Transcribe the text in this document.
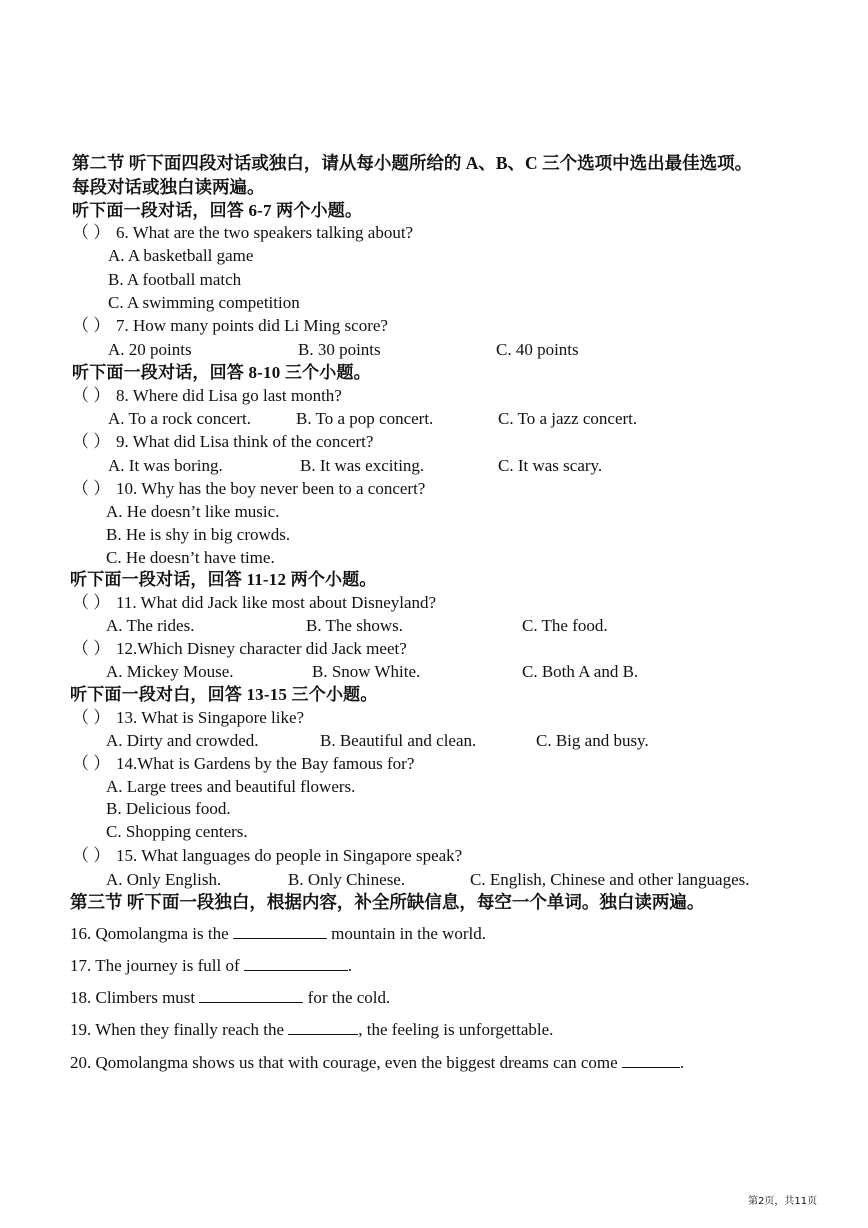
第二节 听下面四段对话或独白，请从每小题所给的 A、B、C 三个选项中选出最佳选项。
每段对话或独白读两遍。
听下面一段对话，回答 6-7 两个小题。
（ ） 6. What are the two speakers talking about?
A. A basketball game
B. A football match
C. A swimming competition
（ ） 7. How many points did Li Ming score?
A. 20 points	B. 30 points	C. 40 points
听下面一段对话，回答 8-10 三个小题。
（ ） 8. Where did Lisa go last month?
A. To a rock concert.	B. To a pop concert.	C. To a jazz concert.
（ ） 9. What did Lisa think of the concert?
A. It was boring.	B. It was exciting.	C. It was scary.
（ ） 10. Why has the boy never been to a concert?
A. He doesn’t like music.
B. He is shy in big crowds.
C. He doesn’t have time.
听下面一段对话，回答 11-12 两个小题。
（ ） 11. What did Jack like most about Disneyland?
A. The rides.	B. The shows.	C. The food.
（ ） 12.Which Disney character did Jack meet?
A. Mickey Mouse.	B. Snow White.	C. Both A and B.
听下面一段对白，回答 13-15 三个小题。
（ ） 13. What is Singapore like?
A. Dirty and crowded.	B. Beautiful and clean.	C. Big and busy.
（ ） 14.What is Gardens by the Bay famous for?
A. Large trees and beautiful flowers.
B. Delicious food.
C. Shopping centers.
（ ） 15. What languages do people in Singapore speak?
A. Only English.	B. Only Chinese.	C. English, Chinese and other languages.
第三节 听下面一段独白，根据内容，补全所缺信息，每空一个单词。独白读两遍。
16. Qomolangma is the	mountain in the world.
17. The journey is full of	.
18. Climbers must	for the cold.
19. When they finally reach the	, the feeling is unforgettable.
20. Qomolangma shows us that with courage, even the biggest dreams can come	.
第2页，共11页
